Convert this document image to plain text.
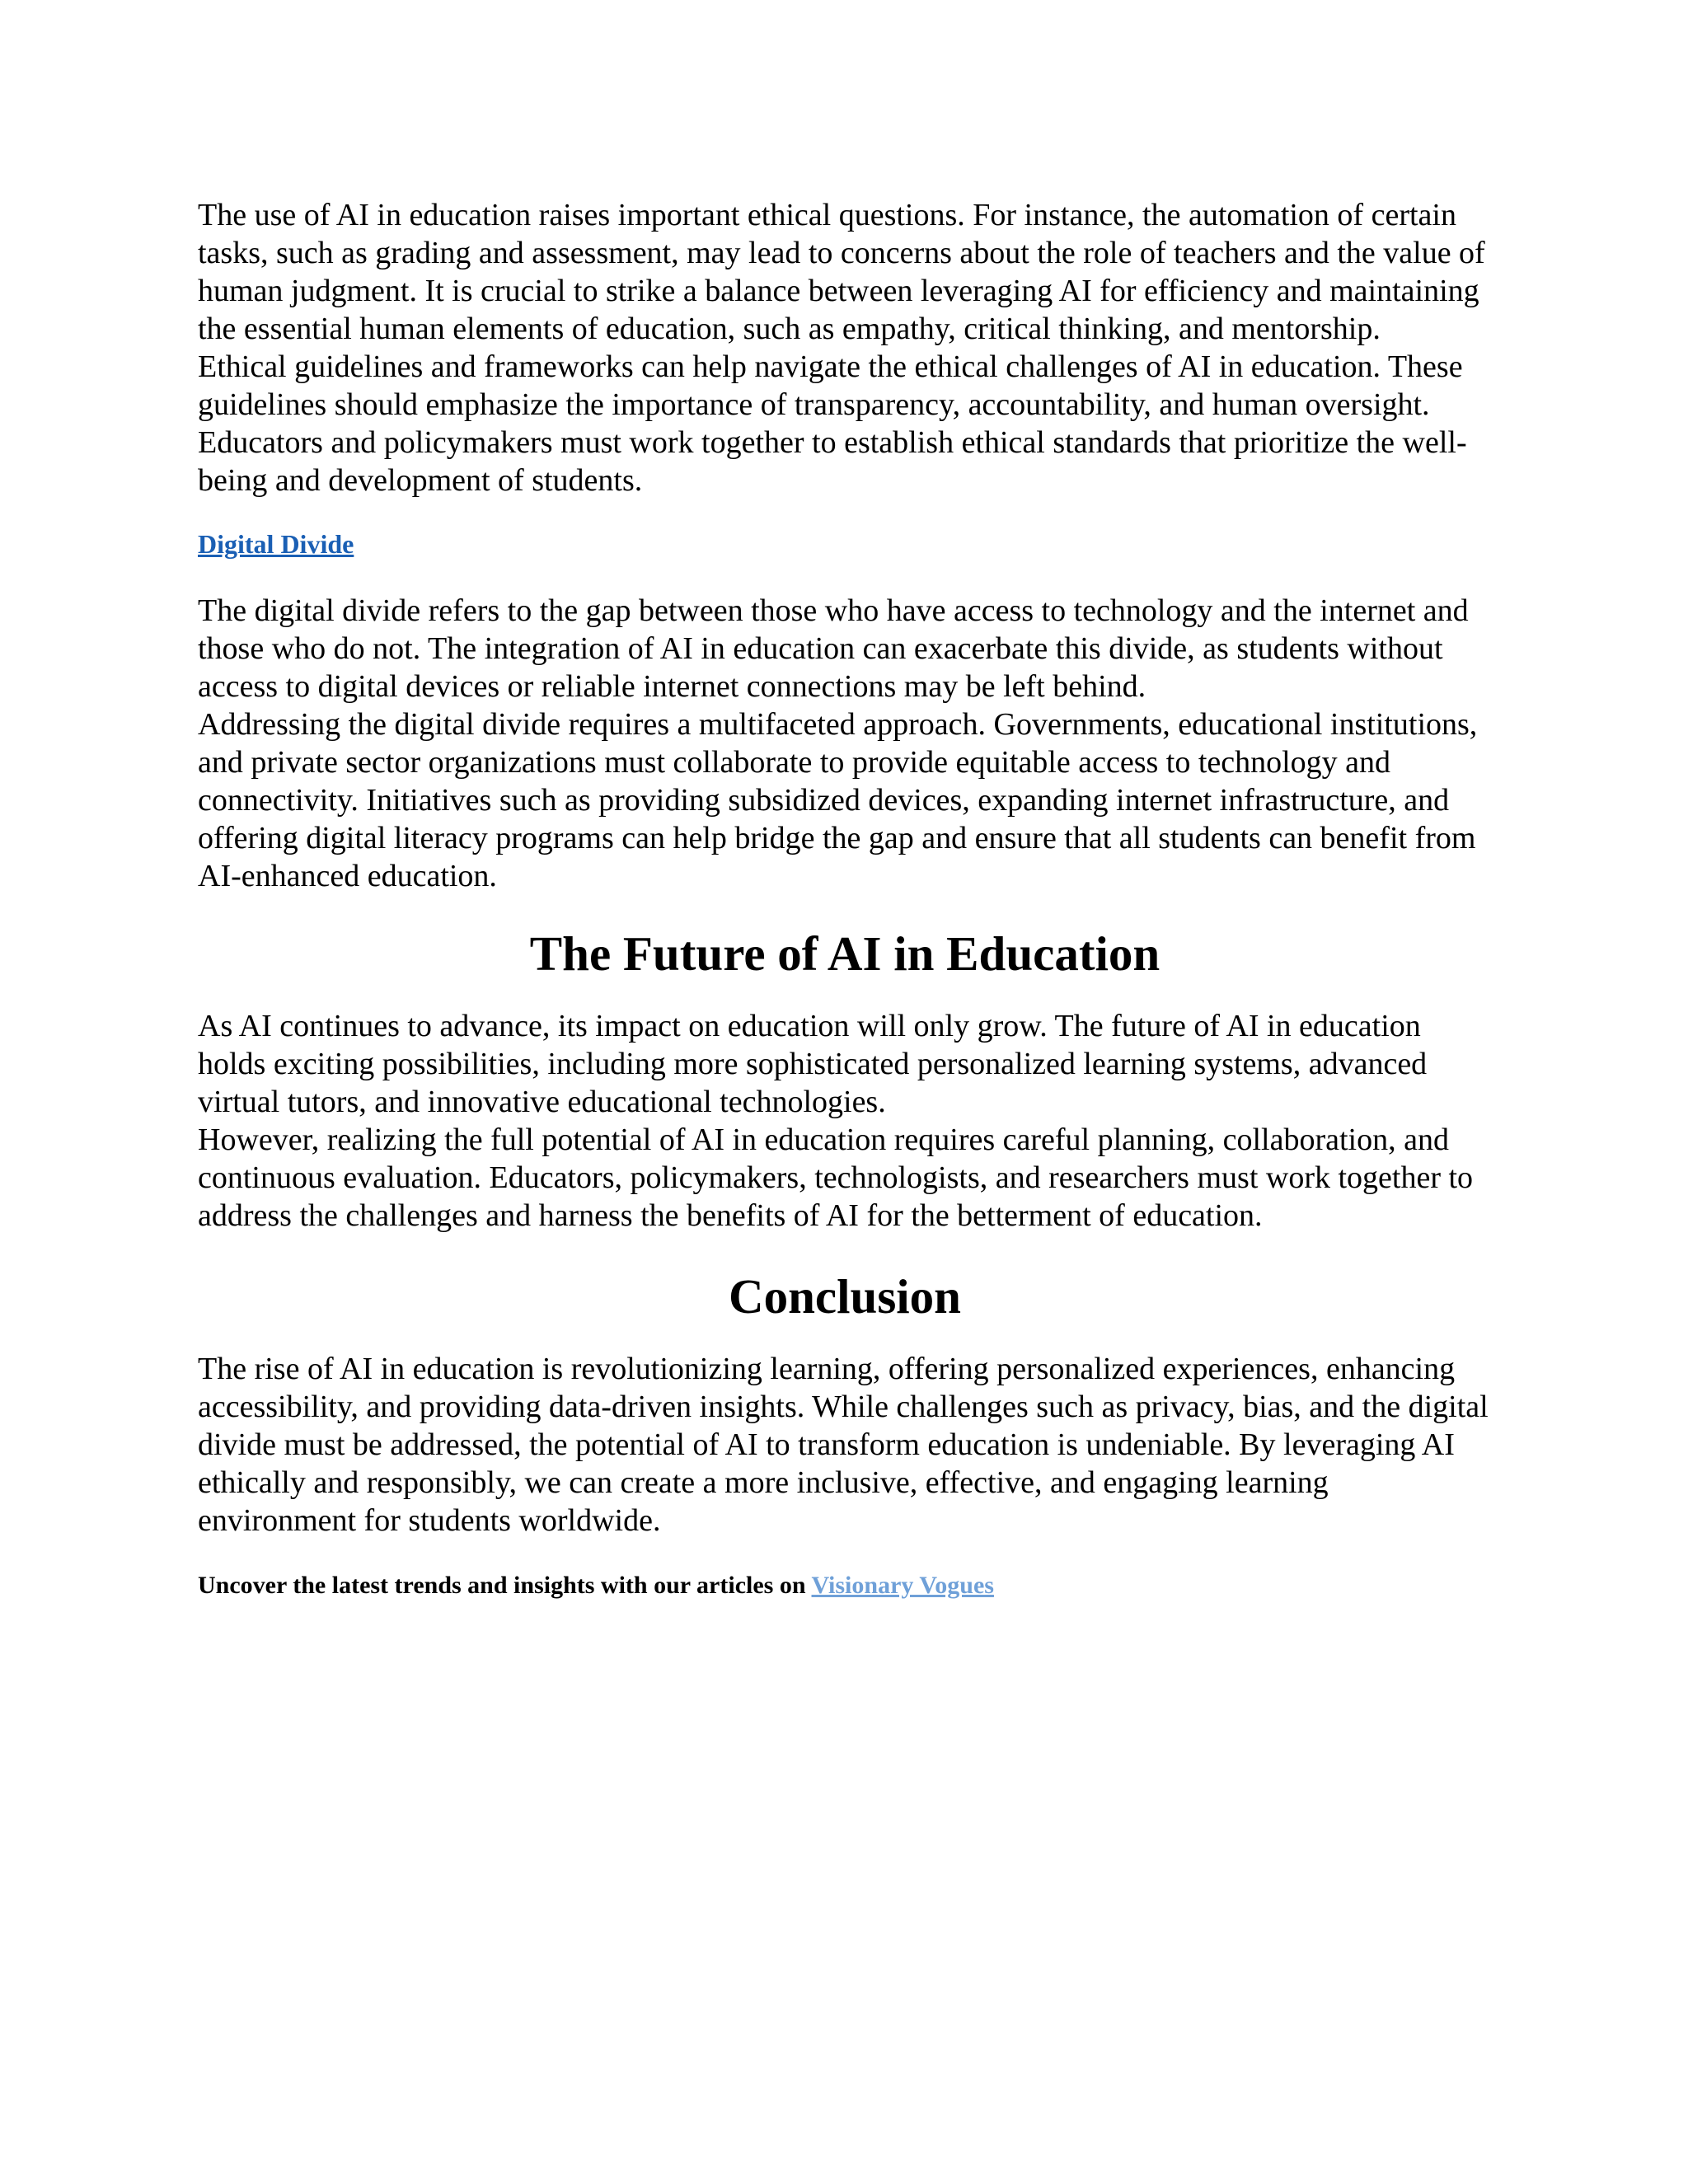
The use of AI in education raises important ethical questions. For instance, the automation of certain tasks, such as grading and assessment, may lead to concerns about the role of teachers and the value of human judgment. It is crucial to strike a balance between leveraging AI for efficiency and maintaining the essential human elements of education, such as empathy, critical thinking, and mentorship.

Ethical guidelines and frameworks can help navigate the ethical challenges of AI in education. These guidelines should emphasize the importance of transparency, accountability, and human oversight. Educators and policymakers must work together to establish ethical standards that prioritize the well-being and development of students.

Digital Divide

The digital divide refers to the gap between those who have access to technology and the internet and those who do not. The integration of AI in education can exacerbate this divide, as students without access to digital devices or reliable internet connections may be left behind.

Addressing the digital divide requires a multifaceted approach. Governments, educational institutions, and private sector organizations must collaborate to provide equitable access to technology and connectivity. Initiatives such as providing subsidized devices, expanding internet infrastructure, and offering digital literacy programs can help bridge the gap and ensure that all students can benefit from AI-enhanced education.

The Future of AI in Education

As AI continues to advance, its impact on education will only grow. The future of AI in education holds exciting possibilities, including more sophisticated personalized learning systems, advanced virtual tutors, and innovative educational technologies.

However, realizing the full potential of AI in education requires careful planning, collaboration, and continuous evaluation. Educators, policymakers, technologists, and researchers must work together to address the challenges and harness the benefits of AI for the betterment of education.

Conclusion

The rise of AI in education is revolutionizing learning, offering personalized experiences, enhancing accessibility, and providing data-driven insights. While challenges such as privacy, bias, and the digital divide must be addressed, the potential of AI to transform education is undeniable. By leveraging AI ethically and responsibly, we can create a more inclusive, effective, and engaging learning environment for students worldwide.

Uncover the latest trends and insights with our articles on Visionary Vogues
